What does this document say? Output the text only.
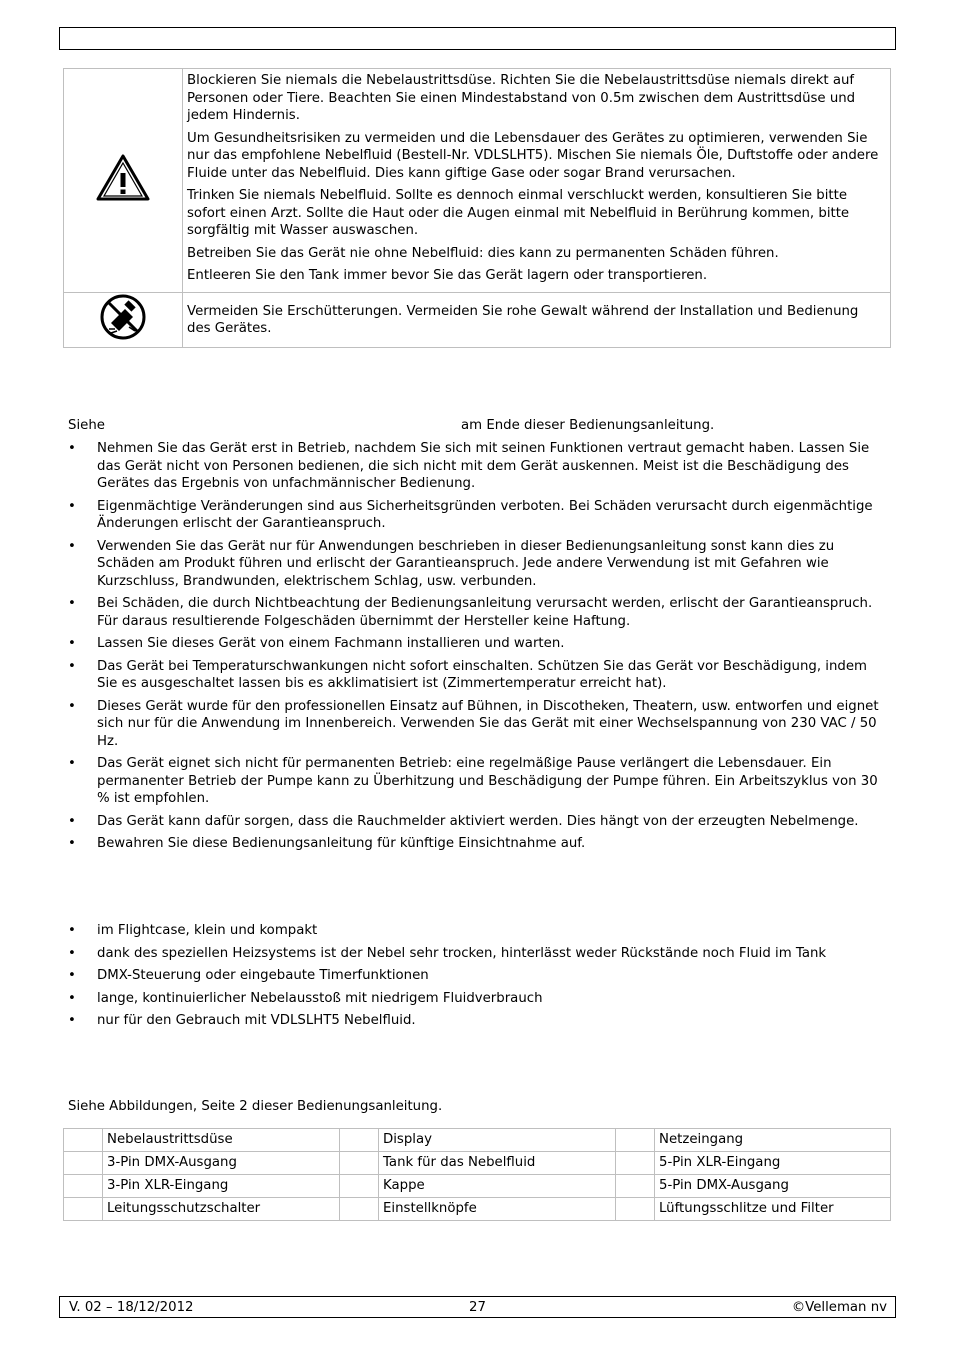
Blockieren Sie niemals die Nebelaustrittsdüse. Richten Sie die Nebelaustrittsdüse niemals direkt auf Personen oder Tiere. Beachten Sie einen Mindestabstand von 0.5m zwischen dem Austrittsdüse und jedem Hindernis.

Um Gesundheitsrisiken zu vermeiden und die Lebensdauer des Gerätes zu optimieren, verwenden Sie nur das empfohlene Nebelfluid (Bestell-Nr. VDLSLHT5). Mischen Sie niemals Öle, Duftstoffe oder andere Fluide unter das Nebelfluid. Dies kann giftige Gase oder sogar Brand verursachen.

Trinken Sie niemals Nebelfluid. Sollte es dennoch einmal verschluckt werden, konsultieren Sie bitte sofort einen Arzt. Sollte die Haut oder die Augen einmal mit Nebelfluid in Berührung kommen, bitte sorgfältig mit Wasser auswaschen.

Betreiben Sie das Gerät nie ohne Nebelfluid: dies kann zu permanenten Schäden führen.

Entleeren Sie den Tank immer bevor Sie das Gerät lagern oder transportieren.

Vermeiden Sie Erschütterungen. Vermeiden Sie rohe Gewalt während der Installation und Bedienung des Gerätes.

Siehe	am Ende dieser Bedienungsanleitung.
• Nehmen Sie das Gerät erst in Betrieb, nachdem Sie sich mit seinen Funktionen vertraut gemacht haben. Lassen Sie das Gerät nicht von Personen bedienen, die sich nicht mit dem Gerät auskennen. Meist ist die Beschädigung des Gerätes das Ergebnis von unfachmännischer Bedienung.
• Eigenmächtige Veränderungen sind aus Sicherheitsgründen verboten. Bei Schäden verursacht durch eigenmächtige Änderungen erlischt der Garantieanspruch.
• Verwenden Sie das Gerät nur für Anwendungen beschrieben in dieser Bedienungsanleitung sonst kann dies zu Schäden am Produkt führen und erlischt der Garantieanspruch. Jede andere Verwendung ist mit Gefahren wie Kurzschluss, Brandwunden, elektrischem Schlag, usw. verbunden.
• Bei Schäden, die durch Nichtbeachtung der Bedienungsanleitung verursacht werden, erlischt der Garantieanspruch. Für daraus resultierende Folgeschäden übernimmt der Hersteller keine Haftung.
• Lassen Sie dieses Gerät von einem Fachmann installieren und warten.
• Das Gerät bei Temperaturschwankungen nicht sofort einschalten. Schützen Sie das Gerät vor Beschädigung, indem Sie es ausgeschaltet lassen bis es akklimatisiert ist (Zimmertemperatur erreicht hat).
• Dieses Gerät wurde für den professionellen Einsatz auf Bühnen, in Discotheken, Theatern, usw. entworfen und eignet sich nur für die Anwendung im Innenbereich. Verwenden Sie das Gerät mit einer Wechselspannung von 230 VAC / 50 Hz.
• Das Gerät eignet sich nicht für permanenten Betrieb: eine regelmäßige Pause verlängert die Lebensdauer. Ein permanenter Betrieb der Pumpe kann zu Überhitzung und Beschädigung der Pumpe führen. Ein Arbeitszyklus von 30 % ist empfohlen.
• Das Gerät kann dafür sorgen, dass die Rauchmelder aktiviert werden. Dies hängt von der erzeugten Nebelmenge.
• Bewahren Sie diese Bedienungsanleitung für künftige Einsichtnahme auf.
• im Flightcase, klein und kompakt
• dank des speziellen Heizsystems ist der Nebel sehr trocken, hinterlässt weder Rückstände noch Fluid im Tank
• DMX-Steuerung oder eingebaute Timerfunktionen
• lange, kontinuierlicher Nebelausstoß mit niedrigem Fluidverbrauch
• nur für den Gebrauch mit VDLSLHT5 Nebelfluid.
Siehe Abbildungen, Seite 2 dieser Bedienungsanleitung.
	Nebelaustrittsdüse		Display		Netzeingang
	3-Pin DMX-Ausgang		Tank für das Nebelfluid		5-Pin XLR-Eingang
	3-Pin XLR-Eingang		Kappe		5-Pin DMX-Ausgang
	Leitungsschutzschalter		Einstellknöpfe		Lüftungsschlitze und Filter
V. 02 – 18/12/2012	27	©Velleman nv
